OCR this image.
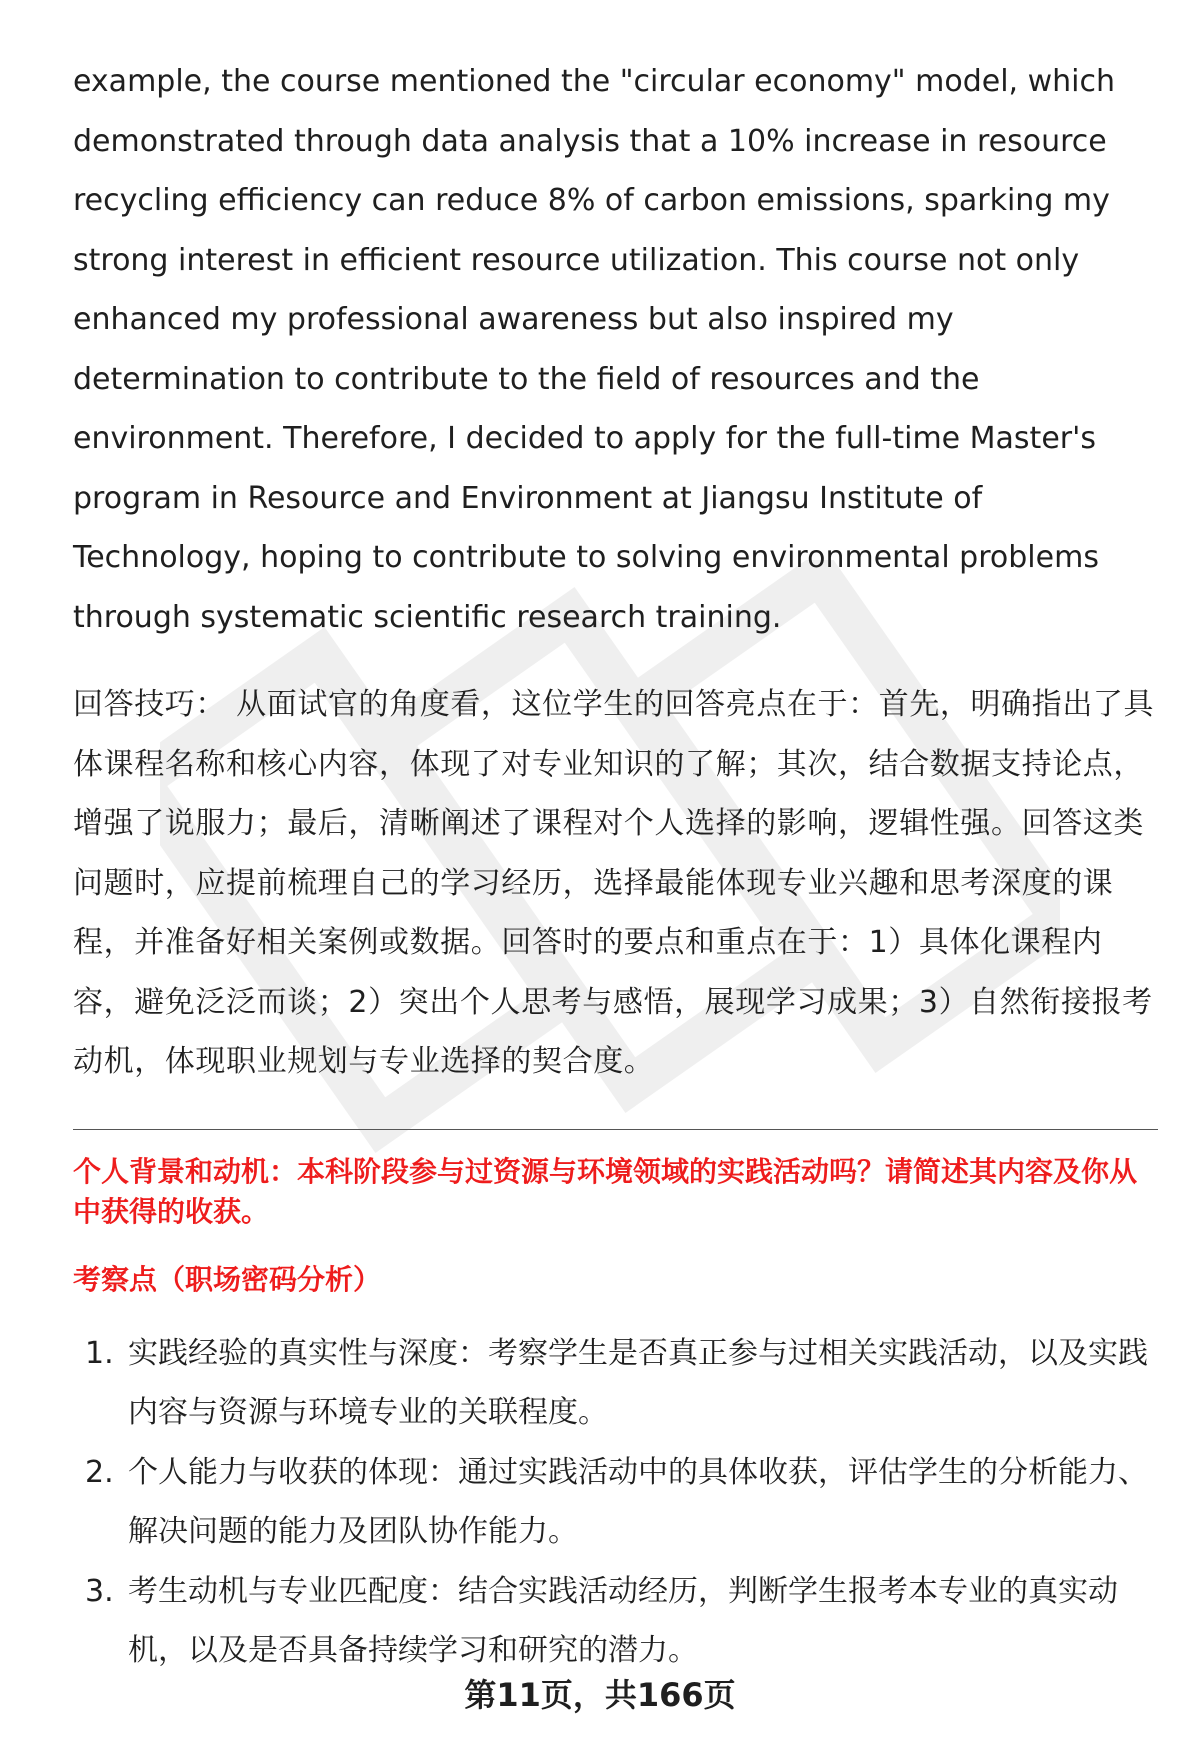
example, the course mentioned the "circular economy" model, which demonstrated through data analysis that a 10% increase in resource recycling efficiency can reduce 8% of carbon emissions, sparking my strong interest in efficient resource utilization. This course not only enhanced my professional awareness but also inspired my determination to contribute to the field of resources and the environment. Therefore, I decided to apply for the full-time Master's program in Resource and Environment at Jiangsu Institute of Technology, hoping to contribute to solving environmental problems through systematic scientific research training.

回答技巧： 从面试官的角度看，这位学生的回答亮点在于：首先，明确指出了具体课程名称和核心内容，体现了对专业知识的了解；其次，结合数据支持论点，增强了说服力；最后，清晰阐述了课程对个人选择的影响，逻辑性强。回答这类问题时，应提前梳理自己的学习经历，选择最能体现专业兴趣和思考深度的课程，并准备好相关案例或数据。回答时的要点和重点在于：1）具体化课程内容，避免泛泛而谈；2）突出个人思考与感悟，展现学习成果；3）自然衔接报考动机，体现职业规划与专业选择的契合度。

个人背景和动机：本科阶段参与过资源与环境领域的实践活动吗？请简述其内容及你从中获得的收获。

考察点（职场密码分析）

1. 实践经验的真实性与深度：考察学生是否真正参与过相关实践活动，以及实践内容与资源与环境专业的关联程度。
2. 个人能力与收获的体现：通过实践活动中的具体收获，评估学生的分析能力、解决问题的能力及团队协作能力。
3. 考生动机与专业匹配度：结合实践活动经历，判断学生报考本专业的真实动机，以及是否具备持续学习和研究的潜力。
第11页，共166页
